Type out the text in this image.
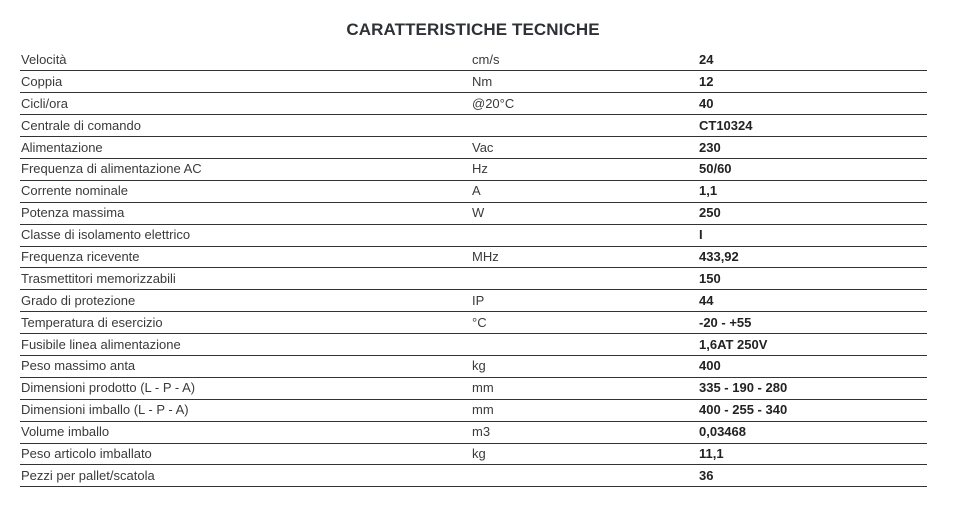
CARATTERISTICHE TECNICHE
Velocità	cm/s	24
Coppia	Nm	12
Cicli/ora	@20°C	40
Centrale di comando		CT10324
Alimentazione	Vac	230
Frequenza di alimentazione AC	Hz	50/60
Corrente nominale	A	1,1
Potenza massima	W	250
Classe di isolamento elettrico		I
Frequenza ricevente	MHz	433,92
Trasmettitori memorizzabili		150
Grado di protezione	IP	44
Temperatura di esercizio	°C	-20 - +55
Fusibile linea alimentazione		1,6AT 250V
Peso massimo anta	kg	400
Dimensioni prodotto (L - P - A)	mm	335 - 190 - 280
Dimensioni imballo (L - P - A)	mm	400 - 255 - 340
Volume imballo	m3	0,03468
Peso articolo imballato	kg	11,1
Pezzi per pallet/scatola		36
